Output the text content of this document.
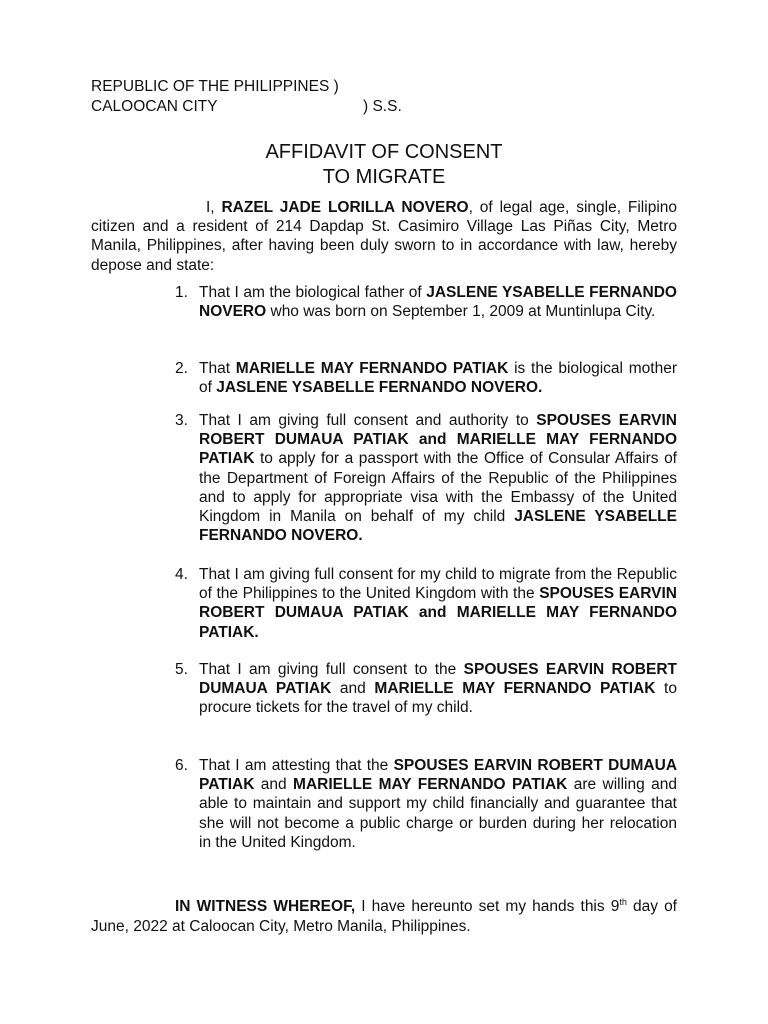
REPUBLIC OF THE PHILIPPINES )
CALOOCAN CITY	) S.S.
AFFIDAVIT OF CONSENT
TO MIGRATE
I, RAZEL JADE LORILLA NOVERO, of legal age, single, Filipino citizen and a resident of 214 Dapdap St. Casimiro Village Las Piñas City, Metro Manila, Philippines, after having been duly sworn to in accordance with law, hereby depose and state:
1. That I am the biological father of JASLENE YSABELLE FERNANDO NOVERO who was born on September 1, 2009 at Muntinlupa City.
2. That MARIELLE MAY FERNANDO PATIAK is the biological mother of JASLENE YSABELLE FERNANDO NOVERO.
3. That I am giving full consent and authority to SPOUSES EARVIN ROBERT DUMAUA PATIAK and MARIELLE MAY FERNANDO PATIAK to apply for a passport with the Office of Consular Affairs of the Department of Foreign Affairs of the Republic of the Philippines and to apply for appropriate visa with the Embassy of the United Kingdom in Manila on behalf of my child JASLENE YSABELLE FERNANDO NOVERO.
4. That I am giving full consent for my child to migrate from the Republic of the Philippines to the United Kingdom with the SPOUSES EARVIN ROBERT DUMAUA PATIAK and MARIELLE MAY FERNANDO PATIAK.
5. That I am giving full consent to the SPOUSES EARVIN ROBERT DUMAUA PATIAK and MARIELLE MAY FERNANDO PATIAK to procure tickets for the travel of my child.
6. That I am attesting that the SPOUSES EARVIN ROBERT DUMAUA PATIAK and MARIELLE MAY FERNANDO PATIAK are willing and able to maintain and support my child financially and guarantee that she will not become a public charge or burden during her relocation in the United Kingdom.
IN WITNESS WHEREOF, I have hereunto set my hands this 9th day of June, 2022 at Caloocan City, Metro Manila, Philippines.
